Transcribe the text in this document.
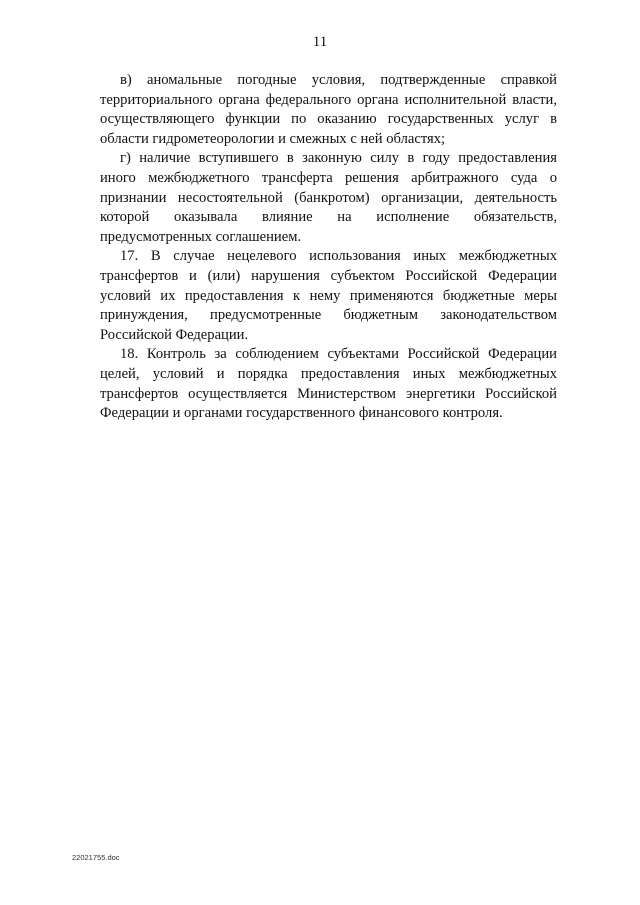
11

в) аномальные погодные условия, подтвержденные справкой территориального органа федерального органа исполнительной власти, осуществляющего функции по оказанию государственных услуг в области гидрометеорологии и смежных с ней областях;

г) наличие вступившего в законную силу в году предоставления иного межбюджетного трансферта решения арбитражного суда о признании несостоятельной (банкротом) организации, деятельность которой оказывала влияние на исполнение обязательств, предусмотренных соглашением.

17. В случае нецелевого использования иных межбюджетных трансфертов и (или) нарушения субъектом Российской Федерации условий их предоставления к нему применяются бюджетные меры принуждения, предусмотренные бюджетным законодательством Российской Федерации.

18. Контроль за соблюдением субъектами Российской Федерации целей, условий и порядка предоставления иных межбюджетных трансфертов осуществляется Министерством энергетики Российской Федерации и органами государственного финансового контроля.

22021755.doc
